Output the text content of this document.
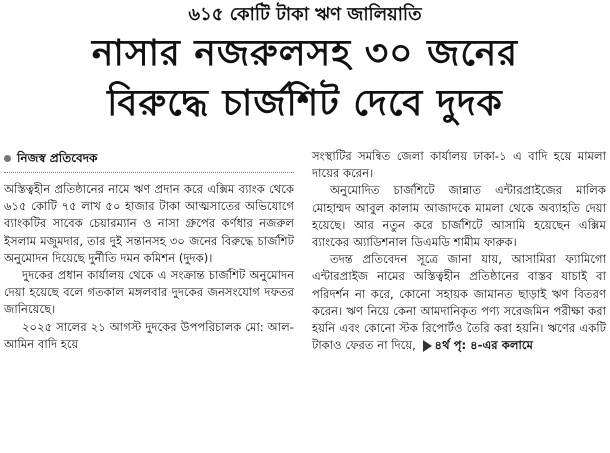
৬১৫ কোটি টাকা ঋণ জালিয়াতি
নাসার নজরুলসহ ৩০ জনের
বিরুদ্ধে চার্জশিট দেবে দুদক
নিজস্ব প্রতিবেদক

অস্তিত্বহীন প্রতিষ্ঠানের নামে ঋণ প্রদান করে এক্সিম ব্যাংক থেকে ৬১৫ কোটি ৭৫ লাখ ৫০ হাজার টাকা আত্মসাতের অভিযোগে ব্যাংকটির সাবেক চেয়ারম্যান ও নাসা গ্রুপের কর্ণধার নজরুল ইসলাম মজুমদার, তার দুই সন্তানসহ ৩০ জনের বিরুদ্ধে চার্জশিট অনুমোদন দিয়েছে দুর্নীতি দমন কমিশন (দুদক)।

দুদকের প্রধান কার্যালয় থেকে এ সংক্রান্ত চার্জশিট অনুমোদন দেয়া হয়েছে বলে গতকাল মঙ্গলবার দুদকের জনসংযোগ দফতর জানিয়েছে।

২০২৫ সালের ২১ আগস্ট দুদকের উপপরিচালক মো: আল-আমিন বাদি হয়ে

সংস্থাটির সমন্বিত জেলা কার্যালয় ঢাকা-১ এ বাদি হয়ে মামলা দায়ের করেন।

অনুমোদিত চার্জশিটে জান্নাত এন্টারপ্রাইজের মালিক মোহাম্মদ আবুল কালাম আজাদকে মামলা থেকে অব্যাহতি দেয়া হয়েছে। আর নতুন করে চার্জশিটে আসামি হয়েছেন এক্সিম ব্যাংকের অ্যাডিশনাল ডিএমডি শামীম ফারুক।

তদন্ত প্রতিবেদন সূত্রে জানা যায়, আসামিরা ফ্যামিগো এন্টারপ্রাইজ নামের অস্তিত্বহীন প্রতিষ্ঠানের বাস্তব যাচাই বা পরিদর্শন না করে, কোনো সহায়ক জামানত ছাড়াই ঋণ বিতরণ করেন। ঋণ নিয়ে কেনা আমদানিকৃত পণ্য সরেজমিন পরীক্ষা করা হয়নি এবং কোনো স্টক রিপোর্টও তৈরি করা হয়নি। ঋণের একটি টাকাও ফেরত না দিয়ে, ৪র্থ পৃ: ৪-এর কলামে
